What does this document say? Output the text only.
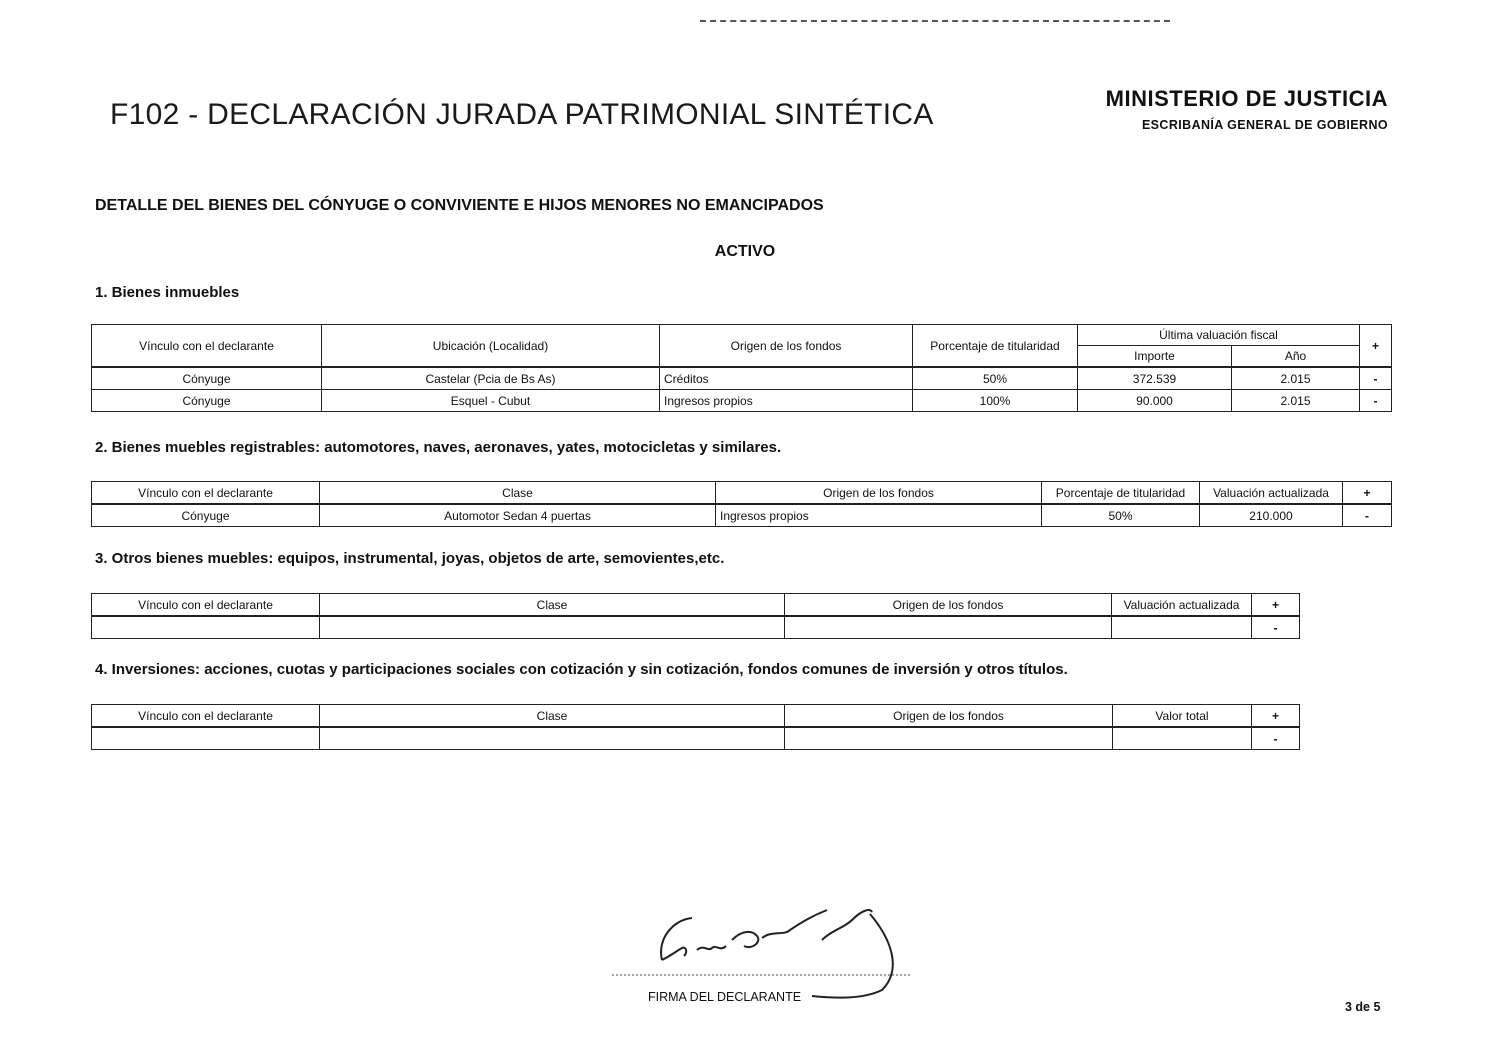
F102 - DECLARACIÓN JURADA PATRIMONIAL SINTÉTICA	MINISTERIO DE JUSTICIA
ESCRIBANÍA GENERAL DE GOBIERNO
DETALLE DEL BIENES DEL CÓNYUGE O CONVIVIENTE E HIJOS MENORES NO EMANCIPADOS
ACTIVO
1. Bienes inmuebles
Vínculo con el declarante	Ubicación (Localidad)	Origen de los fondos	Porcentaje de titularidad	Última valuación fiscal		+
				Importe	Año	
Cónyuge	Castelar (Pcia de Bs As)	Créditos	50%	372.539	2.015	-
Cónyuge	Esquel - Cubut	Ingresos propios	100%	90.000	2.015	-
2. Bienes muebles registrables: automotores, naves, aeronaves, yates, motocicletas y similares.
Vínculo con el declarante	Clase	Origen de los fondos	Porcentaje de titularidad	Valuación actualizada	+
Cónyuge	Automotor Sedan 4 puertas	Ingresos propios	50%	210.000	-
3. Otros bienes muebles: equipos, instrumental, joyas, objetos de arte, semovientes,etc.
Vínculo con el declarante	Clase	Origen de los fondos	Valuación actualizada	+
				-
4. Inversiones: acciones, cuotas y participaciones sociales con cotización y sin cotización, fondos comunes de inversión y otros títulos.
Vínculo con el declarante	Clase	Origen de los fondos	Valor total	+
				-
FIRMA DEL DECLARANTE
3 de 5
